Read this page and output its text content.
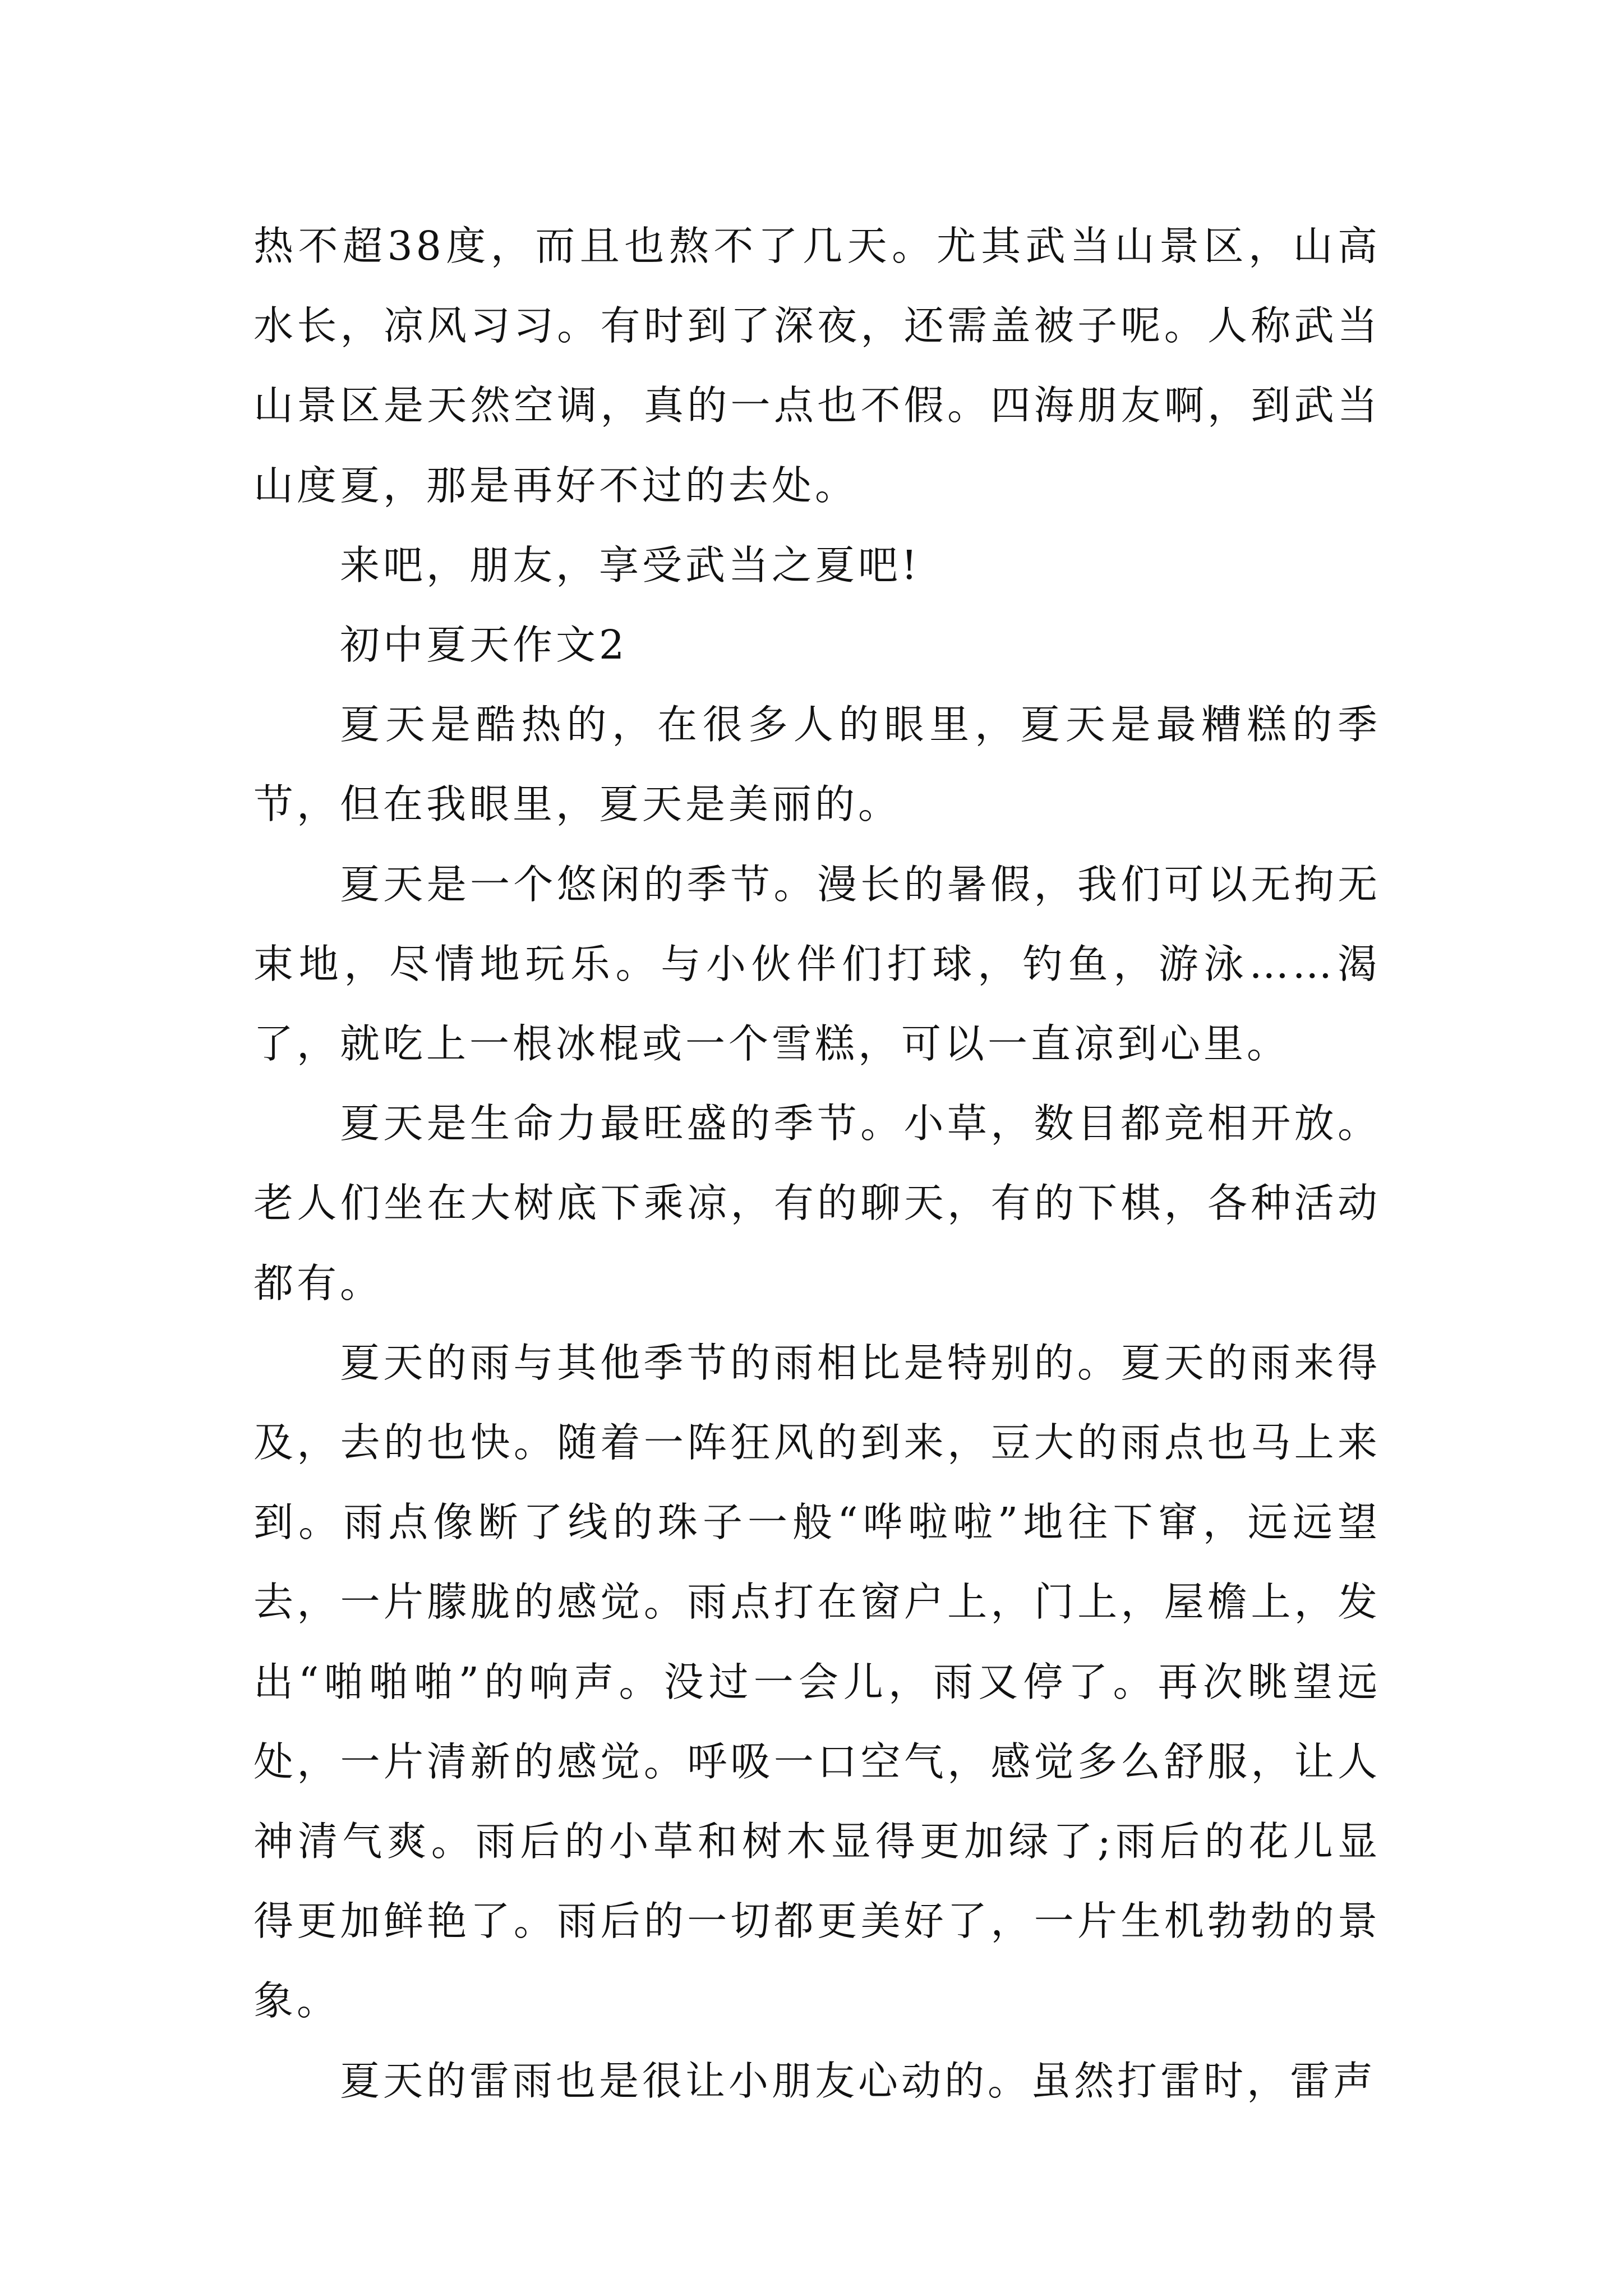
热不超38度，而且也熬不了几天。尤其武当山景区，山高水长，凉风习习。有时到了深夜，还需盖被子呢。人称武当山景区是天然空调，真的一点也不假。四海朋友啊，到武当山度夏，那是再好不过的去处。

来吧，朋友，享受武当之夏吧!

初中夏天作文2

夏天是酷热的，在很多人的眼里，夏天是最糟糕的季节，但在我眼里，夏天是美丽的。

夏天是一个悠闲的季节。漫长的暑假，我们可以无拘无束地，尽情地玩乐。与小伙伴们打球，钓鱼，游泳……渴了，就吃上一根冰棍或一个雪糕，可以一直凉到心里。

夏天是生命力最旺盛的季节。小草，数目都竞相开放。老人们坐在大树底下乘凉，有的聊天，有的下棋，各种活动都有。

夏天的雨与其他季节的雨相比是特别的。夏天的雨来得及，去的也快。随着一阵狂风的到来，豆大的雨点也马上来到。雨点像断了线的珠子一般“哗啦啦”地往下窜，远远望去，一片朦胧的感觉。雨点打在窗户上，门上，屋檐上，发出“啪啪啪”的响声。没过一会儿，雨又停了。再次眺望远处，一片清新的感觉。呼吸一口空气，感觉多么舒服，让人神清气爽。雨后的小草和树木显得更加绿了;雨后的花儿显得更加鲜艳了。雨后的一切都更美好了，一片生机勃勃的景象。

夏天的雷雨也是很让小朋友心动的。虽然打雷时，雷声
